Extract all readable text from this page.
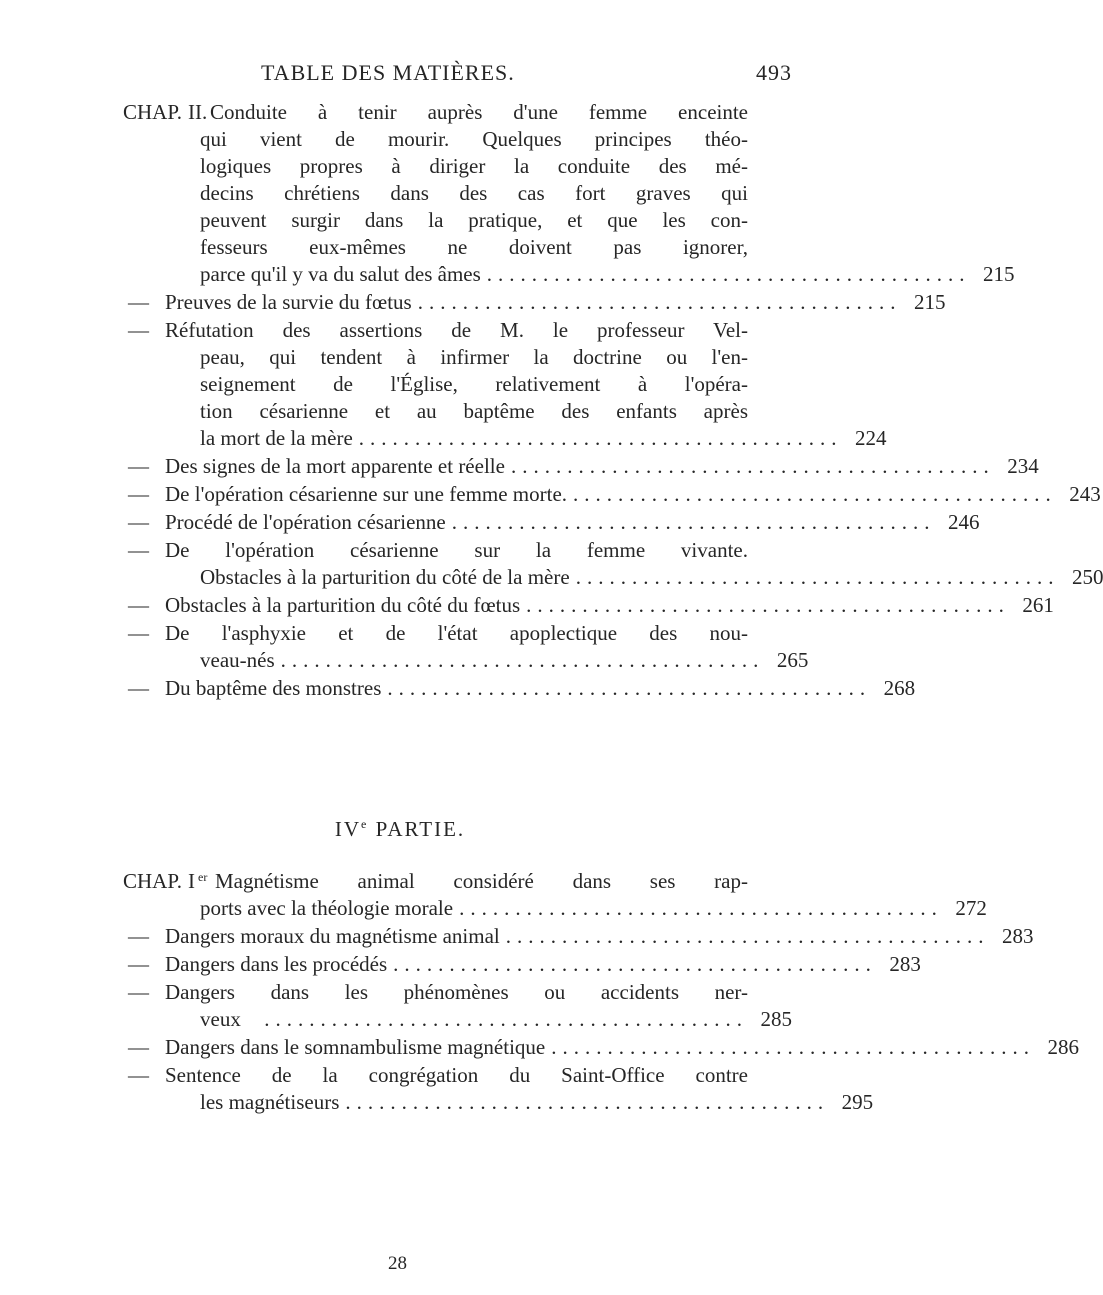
TABLE DES MATIÈRES.	493
CHAP. II. Conduite à tenir auprès d'une femme enceinte
qui vient de mourir. Quelques principes théo-
logiques propres à diriger la conduite des mé-
decins chrétiens dans des cas fort graves qui
peuvent surgir dans la pratique, et que les con-
fesseurs eux-mêmes ne doivent pas ignorer,
parce qu'il y va du salut des âmes ........................................... 215
— Preuves de la survie du fœtus ........................................... 215
— Réfutation des assertions de M. le professeur Vel-
peau, qui tendent à infirmer la doctrine ou l'en-
seignement de l'Église, relativement à l'opéra-
tion césarienne et au baptême des enfants après
la mort de la mère ........................................... 224
— Des signes de la mort apparente et réelle ........................................... 234
— De l'opération césarienne sur une femme morte. ........................................... 243
— Procédé de l'opération césarienne ........................................... 246
— De l'opération césarienne sur la femme vivante.
Obstacles à la parturition du côté de la mère ........................................... 250
— Obstacles à la parturition du côté du fœtus ........................................... 261
— De l'asphyxie et de l'état apoplectique des nou-
veau-nés ........................................... 265
— Du baptême des monstres ........................................... 268
IVe PARTIE.
CHAP. I er Magnétisme animal considéré dans ses rap-
ports avec la théologie morale ........................................... 272
— Dangers moraux du magnétisme animal ........................................... 283
— Dangers dans les procédés ........................................... 283
— Dangers dans les phénomènes ou accidents ner-
veux	........................................... 285
— Dangers dans le somnambulisme magnétique ........................................... 286
— Sentence de la congrégation du Saint-Office contre
les magnétiseurs ........................................... 295
28
